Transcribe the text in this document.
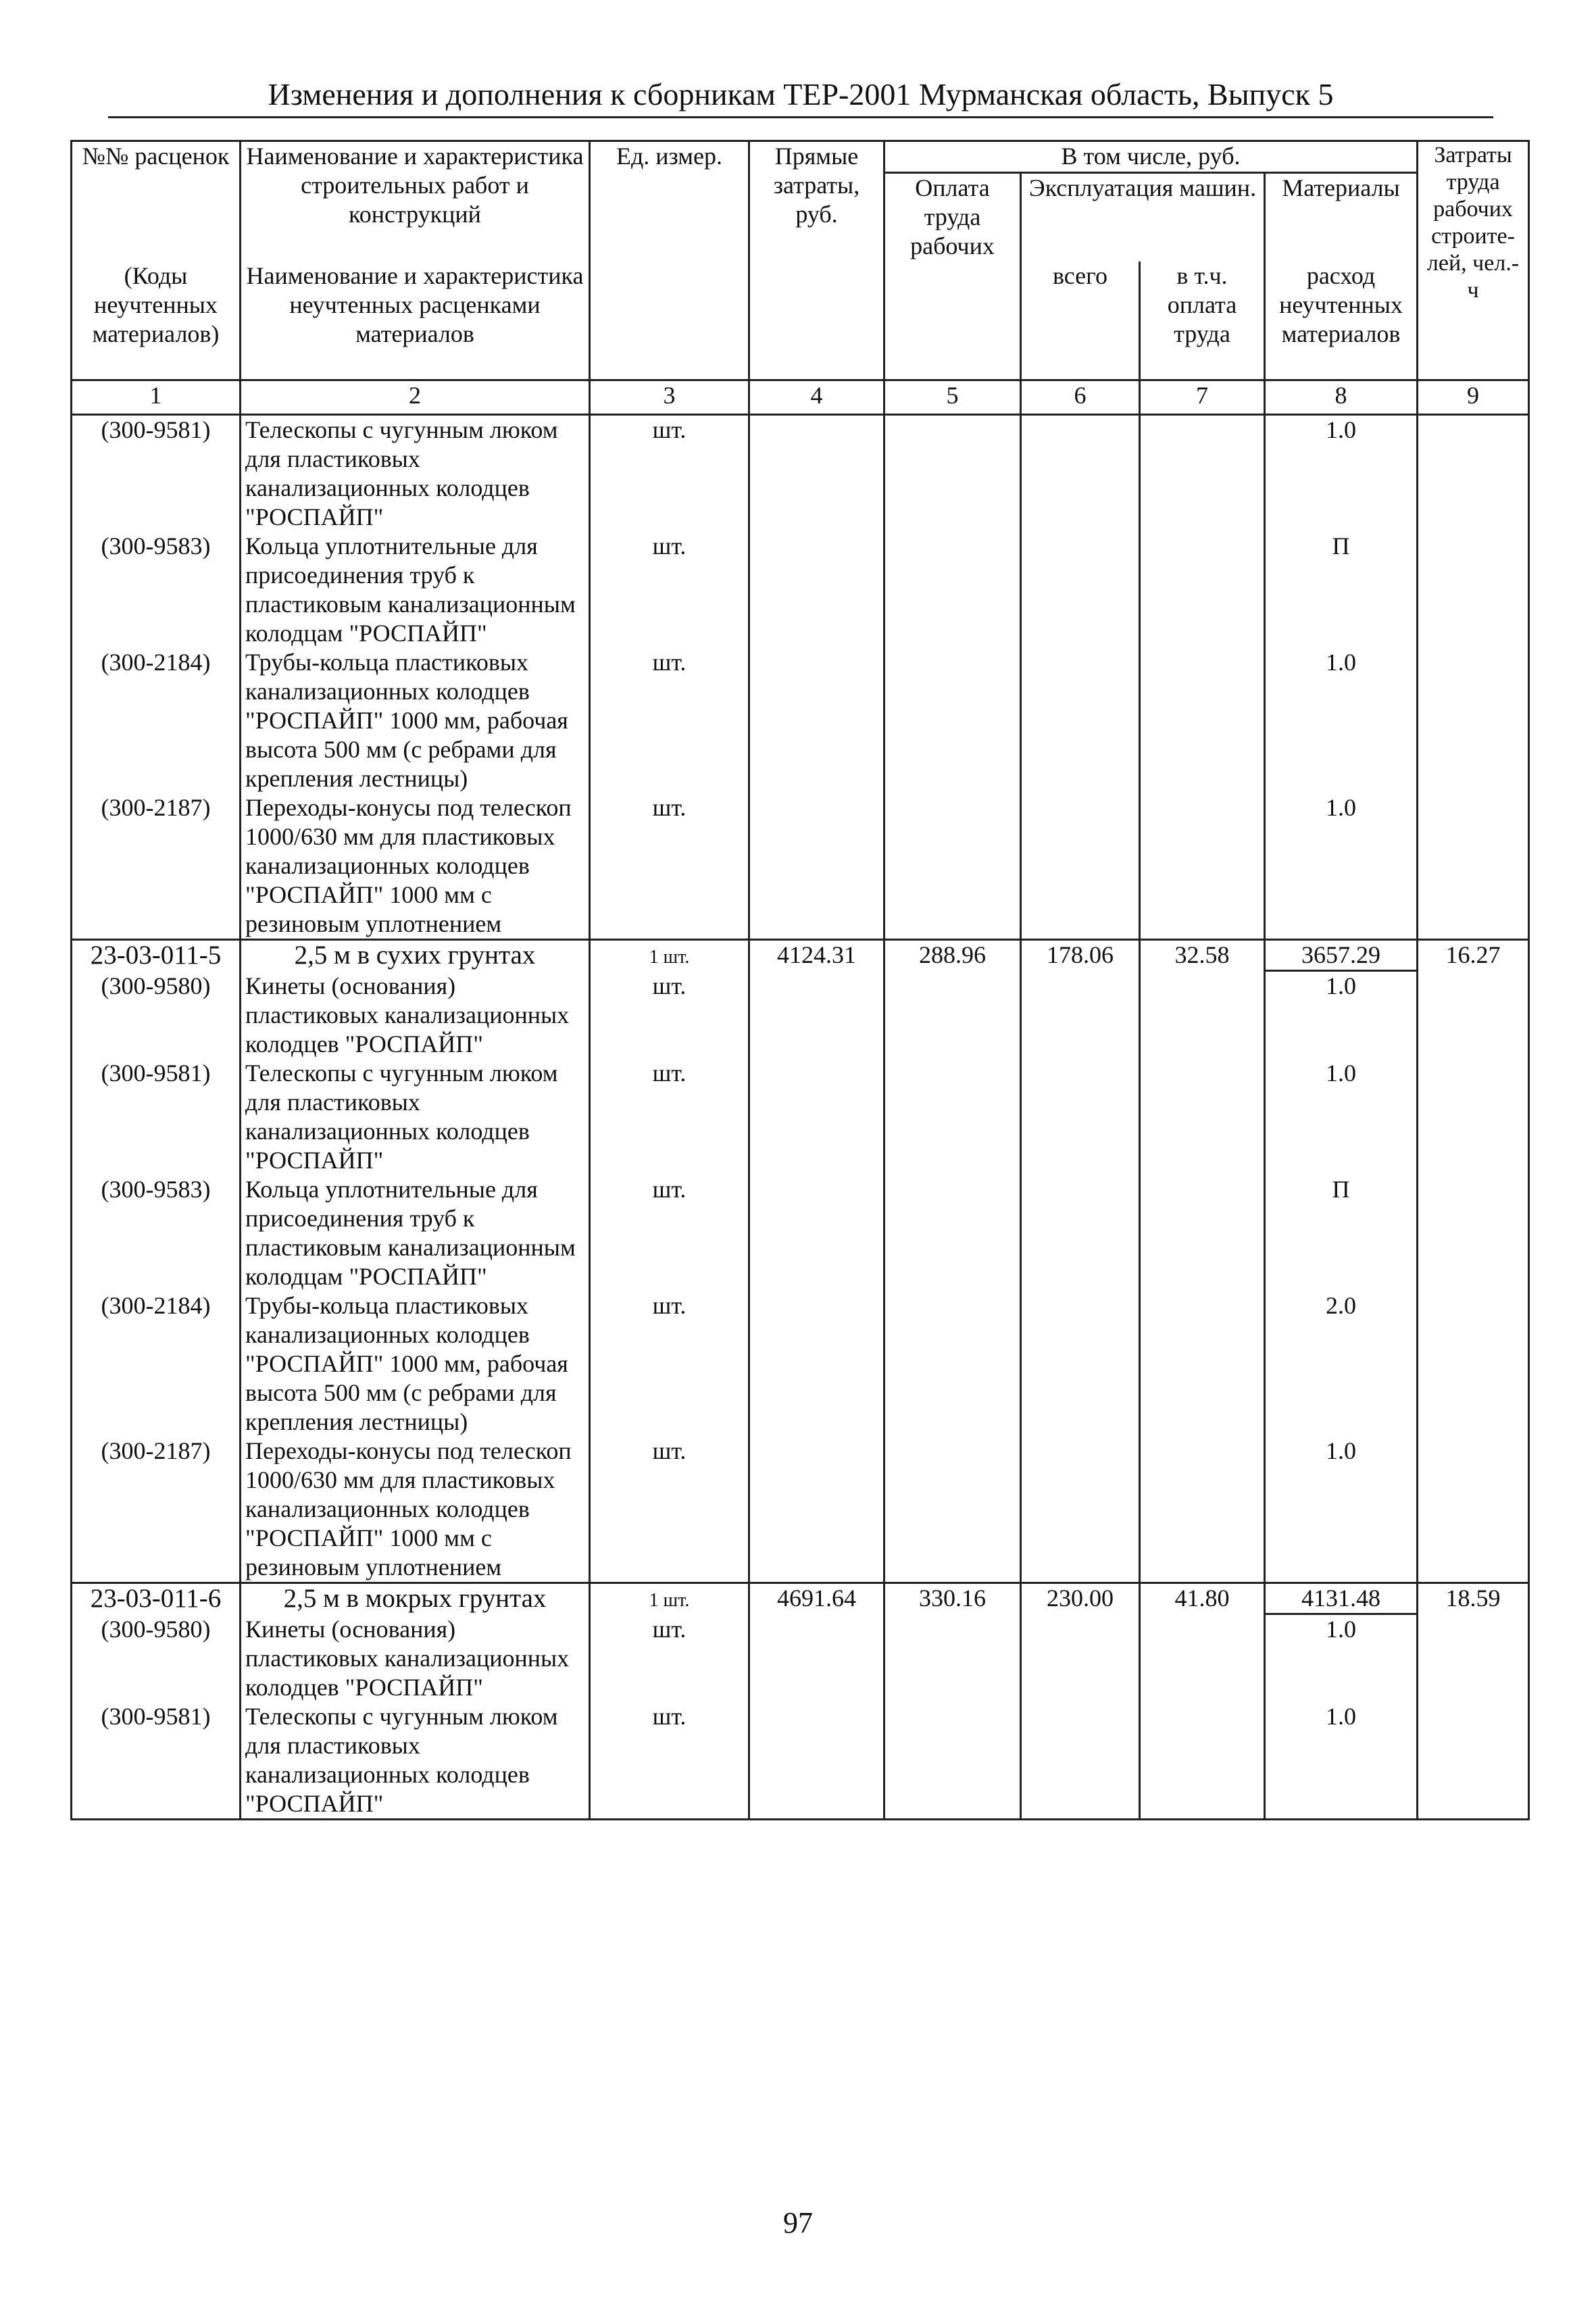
Изменения и дополнения к сборникам ТЕР-2001 Мурманская область, Выпуск 5
№№ расценок	Наименование и характеристика строительных работ и конструкций	Ед. измер.	Прямые затраты, руб.	В том числе, руб.				Затраты труда рабочих строите- лей, чел.-ч
				Оплата труда рабочих	Эксплуатация машин.		Материалы	
(Коды неучтенных материалов)	Наименование и характеристика неучтенных расценками материалов				всего	в т.ч. оплата труда	расход неучтенных материалов	

1	2	3	4	5	6	7	8	9
(300-9581)	Телескопы с чугунным люком для пластиковых канализационных колодцев "РОСПАЙП"	шт.					1.0	
(300-9583)	Кольца уплотнительные для присоединения труб к пластиковым канализационным колодцам "РОСПАЙП"	шт.					П	
(300-2184)	Трубы-кольца пластиковых канализационных колодцев "РОСПАЙП" 1000 мм, рабочая высота 500 мм (с ребрами для крепления лестницы)	шт.					1.0	
(300-2187)	Переходы-конусы под телескоп 1000/630 мм для пластиковых канализационных колодцев "РОСПАЙП" 1000 мм с резиновым уплотнением	шт.					1.0	
23-03-011-5	2,5 м в сухих грунтах	1 шт.	4124.31	288.96	178.06	32.58	3657.29	16.27
(300-9580)	Кинеты (основания) пластиковых канализационных колодцев "РОСПАЙП"	шт.					1.0	
(300-9581)	Телескопы с чугунным люком для пластиковых канализационных колодцев "РОСПАЙП"	шт.					1.0	
(300-9583)	Кольца уплотнительные для присоединения труб к пластиковым канализационным колодцам "РОСПАЙП"	шт.					П	
(300-2184)	Трубы-кольца пластиковых канализационных колодцев "РОСПАЙП" 1000 мм, рабочая высота 500 мм (с ребрами для крепления лестницы)	шт.					2.0	
(300-2187)	Переходы-конусы под телескоп 1000/630 мм для пластиковых канализационных колодцев "РОСПАЙП" 1000 мм с резиновым уплотнением	шт.					1.0	
23-03-011-6	2,5 м в мокрых грунтах	1 шт.	4691.64	330.16	230.00	41.80	4131.48	18.59
(300-9580)	Кинеты (основания) пластиковых канализационных колодцев "РОСПАЙП"	шт.					1.0	
(300-9581)	Телескопы с чугунным люком для пластиковых канализационных колодцев "РОСПАЙП"	шт.					1.0	
97
